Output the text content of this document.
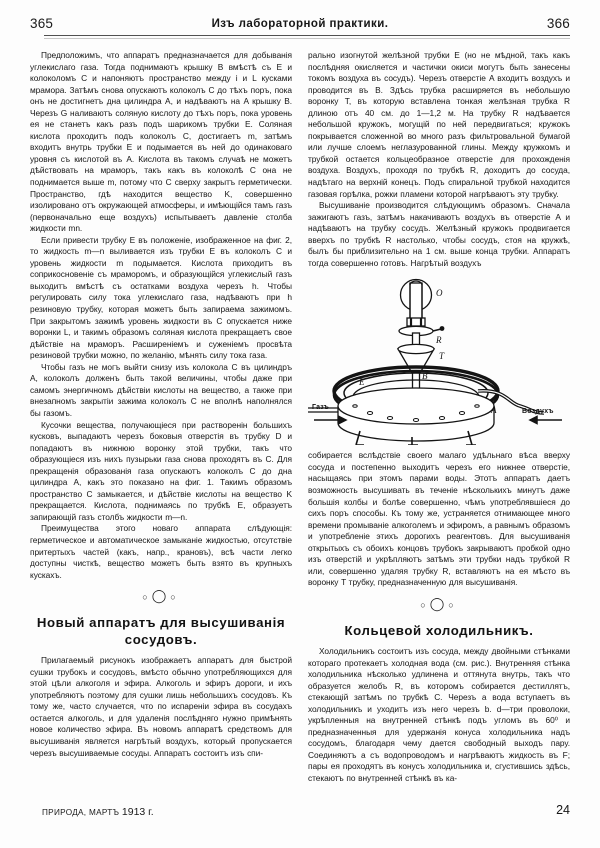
365	Изъ лабораторной практики.	366

Предположимъ, что аппаратъ предназначается для добыванія углекислаго газа. Тогда поднимаютъ крышку B вмѣстѣ съ E и колоколомъ C и напоняютъ пространство между i и L кусками мрамора. Затѣмъ снова опускаютъ колоколъ C до тѣхъ поръ, пока онъ не достигнетъ дна цилиндра A, и надѣваютъ на A крышку B. Черезъ G наливаютъ соляную кислоту до тѣхъ поръ, пока уровень ея не станетъ какъ разъ подъ шарикомъ трубки E. Соляная кислота проходитъ подъ колоколъ C, достигаетъ m, затѣмъ входитъ внутрь трубки E и подымается въ ней до одинаковаго уровня съ кислотой въ A. Кислота въ такомъ случаѣ не можетъ дѣйствовать на мраморъ, такъ какъ въ колоколѣ C она не поднимается выше m, потому что C сверху закрытъ герметически. Пространство, гдѣ находится вещество K, совершенно изолировано отъ окружающей атмосферы, и имѣющійся тамъ газъ (первоначально еще воздухъ) испытываетъ давленіе столба жидкости mn.

Если привести трубку E въ положеніе, изображенное на фиг. 2, то жидкость m—n выливается изъ трубки E въ колоколъ C и уровень жидкости m подымается. Кислота приходитъ въ соприкосновеніе съ мраморомъ, и образующійся углекислый газъ выходитъ вмѣстѣ съ остатками воздуха черезъ h. Чтобы регулировать силу тока углекислаго газа, надѣваютъ при h резиновую трубку, которая можетъ быть запираема зажимомъ. При закрытомъ зажимѣ уровень жидкости въ C опускается ниже воронки L, и такимъ образомъ соляная кислота прекращаетъ свое дѣйствіе на мраморъ. Расширеніемъ и суженіемъ просвѣта резиновой трубки можно, по желанію, мѣнять силу тока газа.

Чтобы газъ не могъ выйти снизу изъ колокола C въ цилиндръ A, колоколъ долженъ быть такой величины, чтобы даже при самомъ энергичномъ дѣйствіи кислоты на вещество, а также при внезапномъ закрытіи зажима колоколъ C не вполнѣ наполнялся бы газомъ.

Кусочки вещества, получающіеся при растворенін большихъ кусковъ, выпадаютъ черезъ боковыя отверстія въ трубку D и попадаютъ въ нижнюю воронку этой трубки, такъ что образующіеся изъ нихъ пузырьки газа снова проходятъ въ C. Для прекращенія образованія газа опускаютъ колоколъ C до дна цилиндра A, какъ это показано на фиг. 1. Такимъ образомъ пространство C замыкается, и дѣйствіе кислоты на вещество K прекращается. Кислота, поднимаясь по трубкѣ E, образуетъ запирающій газъ столбъ жидкости m—n.

Преимущества этого новаго аппарата слѣдующія: герметическое и автоматическое замыканіе жидкостью, отсутствіе притертыхъ частей (какъ, напр., крановъ), всѣ части легко доступны чисткѣ, вещество можетъ быть взято въ крупныхъ кускахъ.

○◯○
Новый аппаратъ для высушиванія сосудовъ.

Прилагаемый рисунокъ изображаетъ аппаратъ для быстрой сушки трубокъ и сосудовъ, вмѣсто обычно употребляющихся для этой цѣли алкоголя и эфира. Алкоголь и эфиръ дороги, и ихъ употребляютъ поэтому для сушки лишь небольшихъ сосудовъ. Къ тому же, часто случается, что по испареніи эфира въ сосудахъ остается алкоголь, и для удаленія послѣдняго нужно примѣнять новое количество эфира. Въ новомъ аппаратѣ средствомъ для высушиванія является нагрѣтый воздухъ, который пропускается черезъ высушиваемые сосуды. Аппаратъ состоитъ изъ спи-

рально изогнутой желѣзной трубки E (но не мѣдной, такъ какъ послѣдняя окисляется и частички окиси могутъ быть занесены токомъ воздуха въ сосудъ). Черезъ отверстіе A входитъ воздухъ и проводится въ B. Здѣсь трубка расширяется въ небольшую воронку T, въ которую вставлена тонкая желѣзная трубка R длиною отъ 40 см. до 1—1,2 м. На трубку R надѣвается небольшой кружокъ, могущій по ней передвигаться; кружокъ покрывается сложенной во много разъ фильтровальной бумагой или лучше слоемъ неглазурованной глины. Между кружкомъ и трубкой остается кольцеобразное отверстіе для прохожденія воздуха. Воздухъ, проходя по трубкѣ R, доходитъ до сосуда, надѣтаго на верхній конецъ. Подъ спиральной трубкой находится газовая горѣлка, рожки пламени которой нагрѣваютъ эту трубку.

Высушиваніе производится слѣдующимъ образомъ. Сначала зажигаютъ газъ, затѣмъ накачиваютъ воздухъ въ отверстіе A и надѣваютъ на трубку сосудъ. Желѣзный кружокъ продвигается вверхъ по трубкѣ R настолько, чтобы сосудъ, стоя на кружкѣ, былъ бы приблизительно на 1 см. выше конца трубки. Аппаратъ тогда совершенно готовъ. Нагрѣтый воздухъ

O
R
T
B
E
A
Газъ
Воздухъ

собирается вслѣдствіе своего малаго удѣльнаго вѣса вверху сосуда и постепенно выходитъ черезъ его нижнее отверстіе, насыщаясь при этомъ парами воды. Этотъ аппаратъ даетъ возможность высушивать въ теченіе нѣсколькихъ минутъ даже большія колбы и болѣе совершенно, чѣмъ употреблявшіеся до сихъ поръ способы. Къ тому же, устраняется отнимающее много времени промываніе алкоголемъ и эфиромъ, а равнымъ образомъ и употребленіе этихъ дорогихъ реагентовъ. Для высушиванія открытыхъ съ обоихъ концовъ трубокъ закрываютъ пробкой одно изъ отверстій и укрѣпляютъ затѣмъ эти трубки надъ трубкой R или, совершенно удаляя трубку R, вставляютъ на ея мѣсто въ воронку T трубку, предназначенную для высушиванія.

○◯○
Кольцевой холодильникъ.

Холодильникъ состоитъ изъ сосуда, между двойными стѣнками котораго протекаетъ холодная вода (см. рис.). Внутренняя стѣнка холодильника нѣсколько удлинена и оттянута внутрь, такъ что образуется желобъ R, въ которомъ собирается дестиллятъ, стекающій затѣмъ по трубкѣ C. Черезъ a вода вступаетъ въ холодильникъ и уходитъ изъ него черезъ b. d—три проволоки, укрѣпленныя на внутренней стѣнкѣ подъ угломъ въ 60⁰ и предназначенныя для удержанія конуса холодильника надъ сосудомъ, благодаря чему дается свободный выходъ пару. Соединяютъ a съ водопроводомъ и нагрѣваютъ жидкость въ F; пары ея проходятъ въ конусъ холодильника и, сгустившись здѣсь, стекаютъ по внутренней стѣнкѣ въ ка-

ПРИРОДА, МАРТЪ 1913 г.	24
